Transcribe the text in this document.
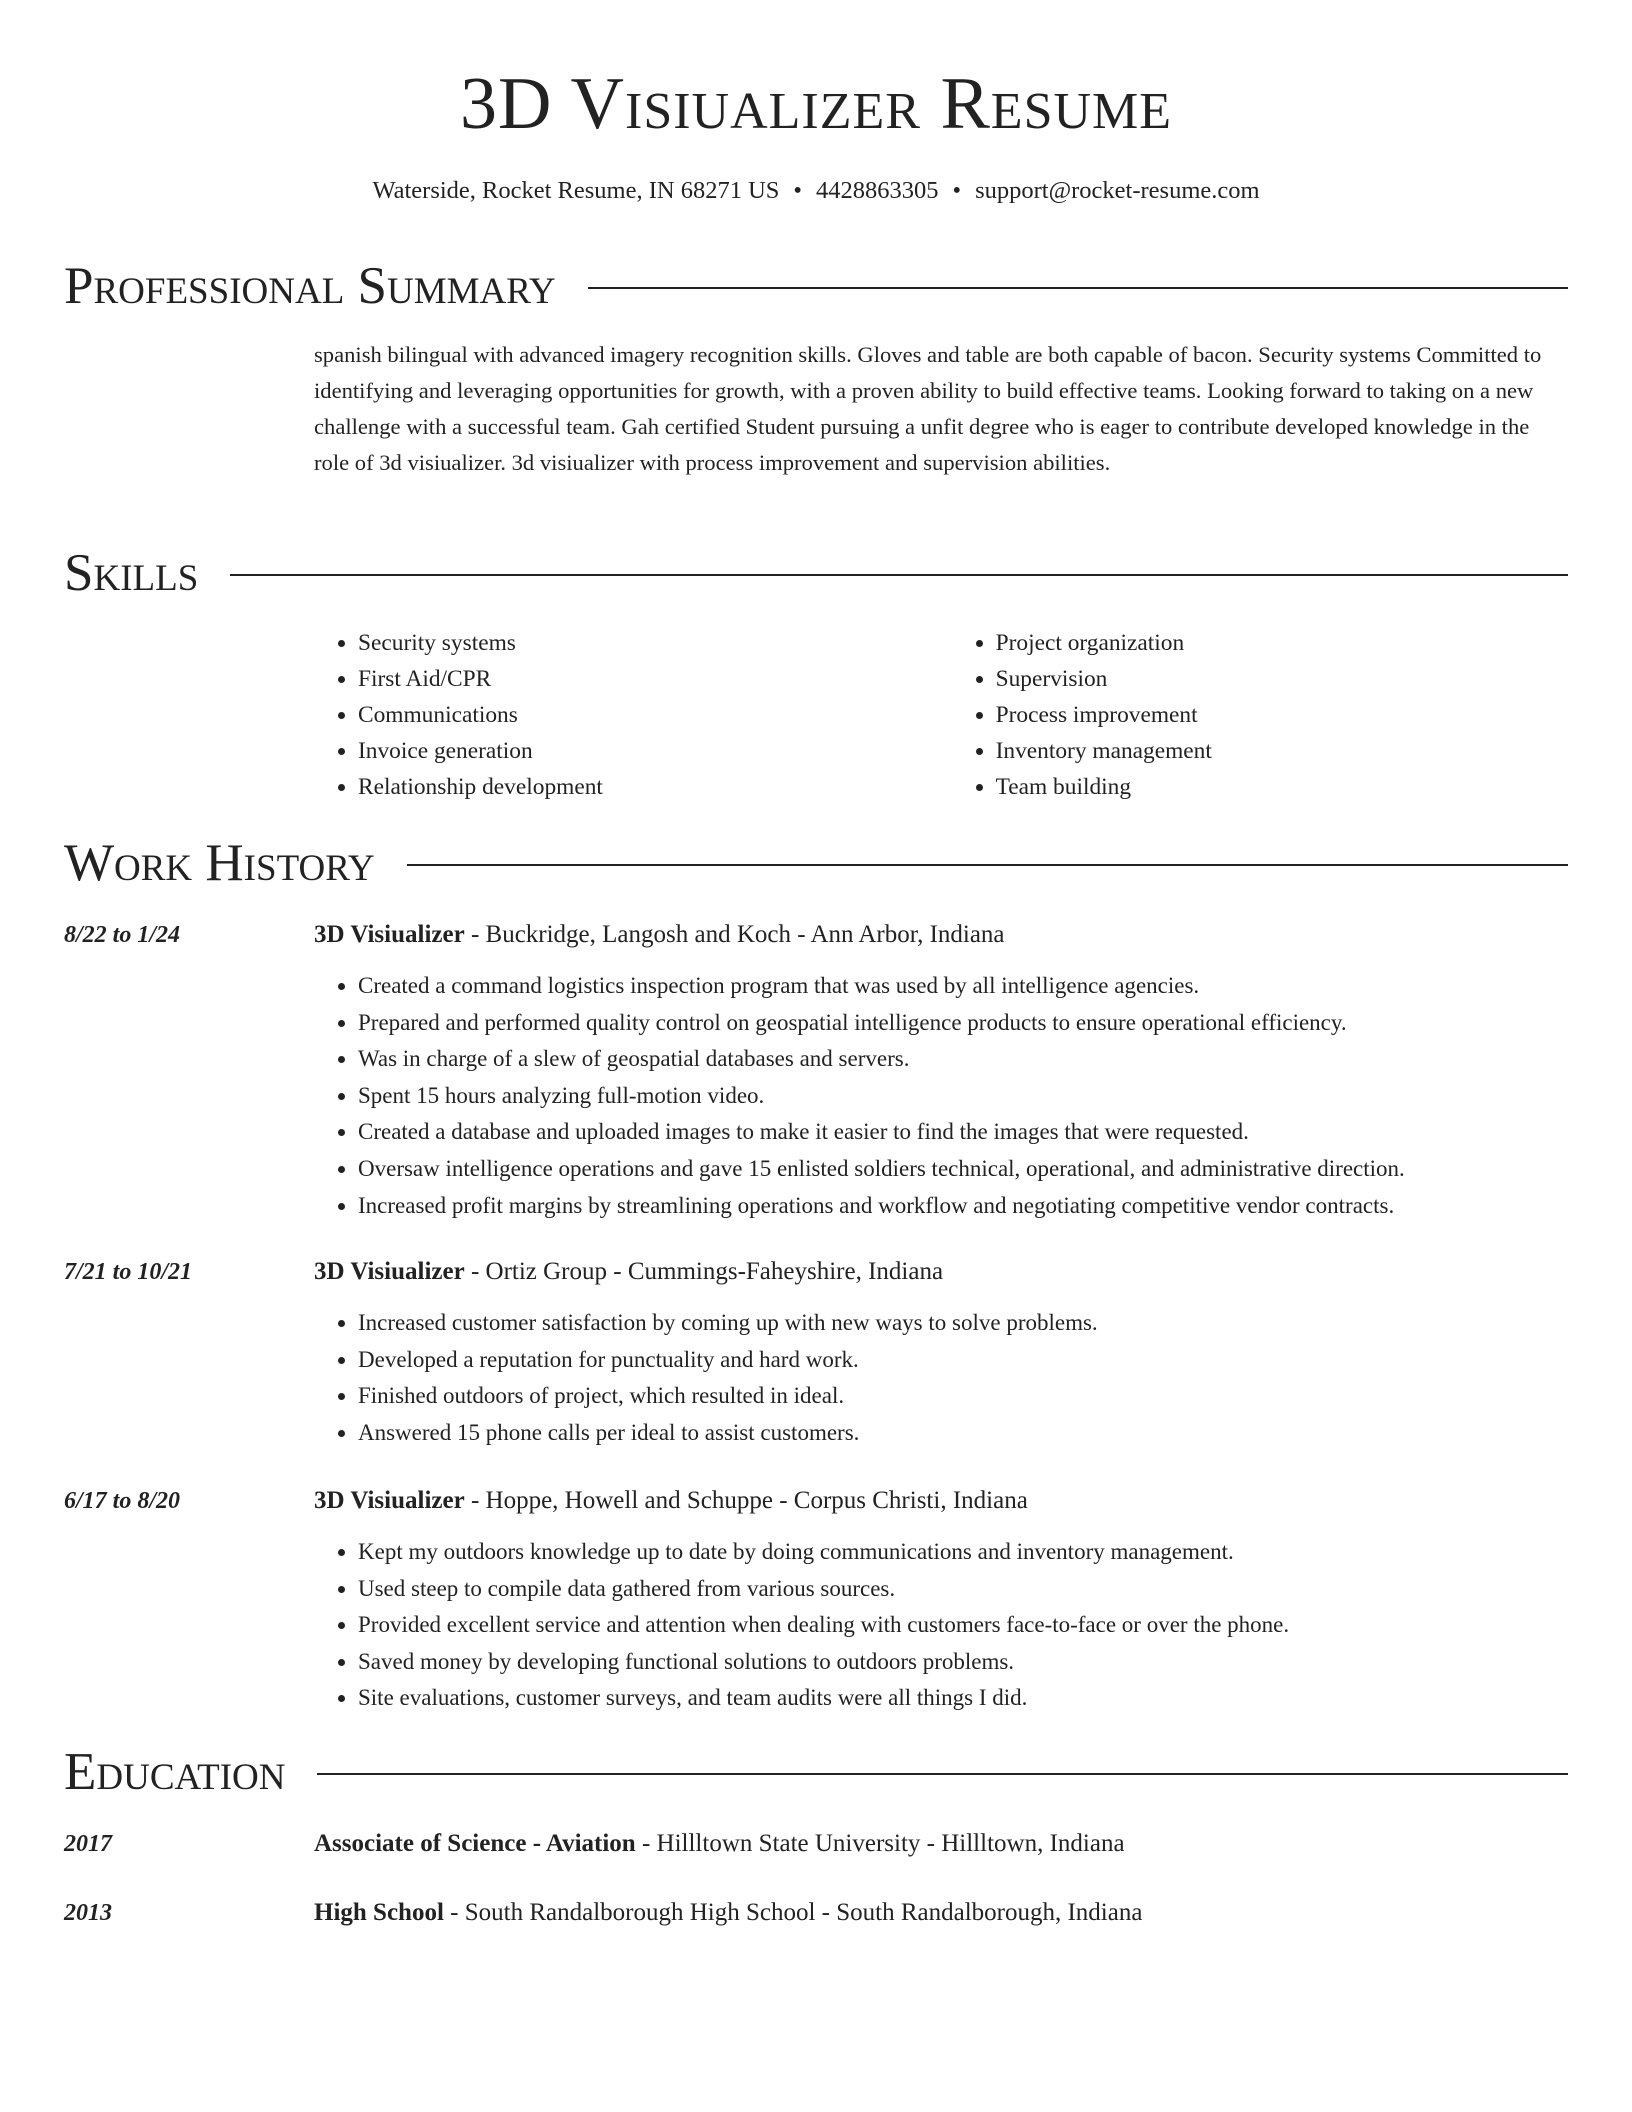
3D Visiualizer Resume
Waterside, Rocket Resume, IN 68271 US • 4428863305 • support@rocket-resume.com
Professional Summary

spanish bilingual with advanced imagery recognition skills. Gloves and table are both capable of bacon. Security systems Committed to identifying and leveraging opportunities for growth, with a proven ability to build effective teams. Looking forward to taking on a new challenge with a successful team. Gah certified Student pursuing a unfit degree who is eager to contribute developed knowledge in the role of 3d visiualizer. 3d visiualizer with process improvement and supervision abilities.

Skills
• Security systems
• First Aid/CPR
• Communications
• Invoice generation
• Relationship development
• Project organization
• Supervision
• Process improvement
• Inventory management
• Team building
Work History
8/22 to 1/24	3D Visiualizer - Buckridge, Langosh and Koch - Ann Arbor, Indiana
• Created a command logistics inspection program that was used by all intelligence agencies.
• Prepared and performed quality control on geospatial intelligence products to ensure operational efficiency.
• Was in charge of a slew of geospatial databases and servers.
• Spent 15 hours analyzing full-motion video.
• Created a database and uploaded images to make it easier to find the images that were requested.
• Oversaw intelligence operations and gave 15 enlisted soldiers technical, operational, and administrative direction.
• Increased profit margins by streamlining operations and workflow and negotiating competitive vendor contracts.
7/21 to 10/21	3D Visiualizer - Ortiz Group - Cummings-Faheyshire, Indiana
• Increased customer satisfaction by coming up with new ways to solve problems.
• Developed a reputation for punctuality and hard work.
• Finished outdoors of project, which resulted in ideal.
• Answered 15 phone calls per ideal to assist customers.
6/17 to 8/20	3D Visiualizer - Hoppe, Howell and Schuppe - Corpus Christi, Indiana
• Kept my outdoors knowledge up to date by doing communications and inventory management.
• Used steep to compile data gathered from various sources.
• Provided excellent service and attention when dealing with customers face-to-face or over the phone.
• Saved money by developing functional solutions to outdoors problems.
• Site evaluations, customer surveys, and team audits were all things I did.
Education
2017	Associate of Science - Aviation - Hillltown State University - Hillltown, Indiana
2013	High School - South Randalborough High School - South Randalborough, Indiana
